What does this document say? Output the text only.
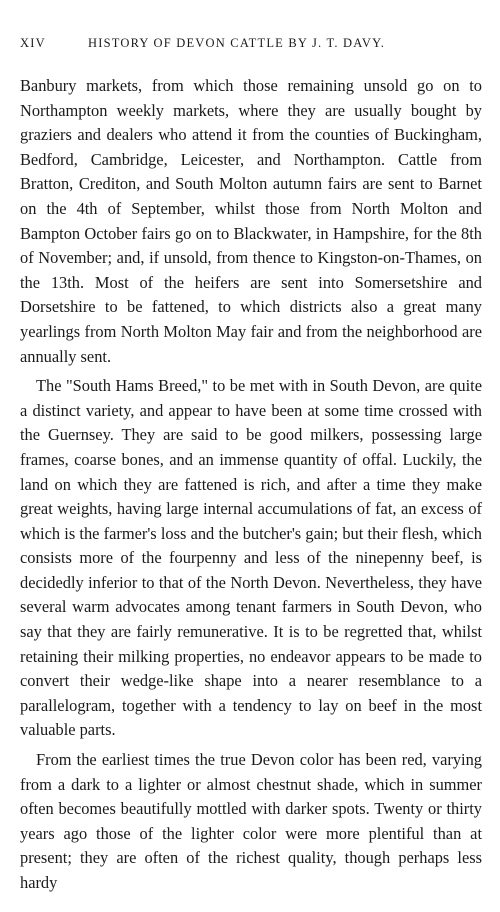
XIV	HISTORY OF DEVON CATTLE BY J. T. DAVY.

Banbury markets, from which those remaining unsold go on to Northampton weekly markets, where they are usually bought by graziers and dealers who attend it from the counties of Buckingham, Bedford, Cambridge, Leicester, and Northampton. Cattle from Bratton, Crediton, and South Molton autumn fairs are sent to Barnet on the 4th of September, whilst those from North Molton and Bampton October fairs go on to Blackwater, in Hampshire, for the 8th of November; and, if unsold, from thence to Kingston-on-Thames, on the 13th. Most of the heifers are sent into Somersetshire and Dorsetshire to be fattened, to which districts also a great many yearlings from North Molton May fair and from the neighborhood are annually sent.

The "South Hams Breed," to be met with in South Devon, are quite a distinct variety, and appear to have been at some time crossed with the Guernsey. They are said to be good milkers, possessing large frames, coarse bones, and an immense quantity of offal. Luckily, the land on which they are fattened is rich, and after a time they make great weights, having large internal accumulations of fat, an excess of which is the farmer's loss and the butcher's gain; but their flesh, which consists more of the fourpenny and less of the ninepenny beef, is decidedly inferior to that of the North Devon. Nevertheless, they have several warm advocates among tenant farmers in South Devon, who say that they are fairly remunerative. It is to be regretted that, whilst retaining their milking properties, no endeavor appears to be made to convert their wedge-like shape into a nearer resemblance to a parallelogram, together with a tendency to lay on beef in the most valuable parts.

From the earliest times the true Devon color has been red, varying from a dark to a lighter or almost chestnut shade, which in summer often becomes beautifully mottled with darker spots. Twenty or thirty years ago those of the lighter color were more plentiful than at present; they are often of the richest quality, though perhaps less hardy
